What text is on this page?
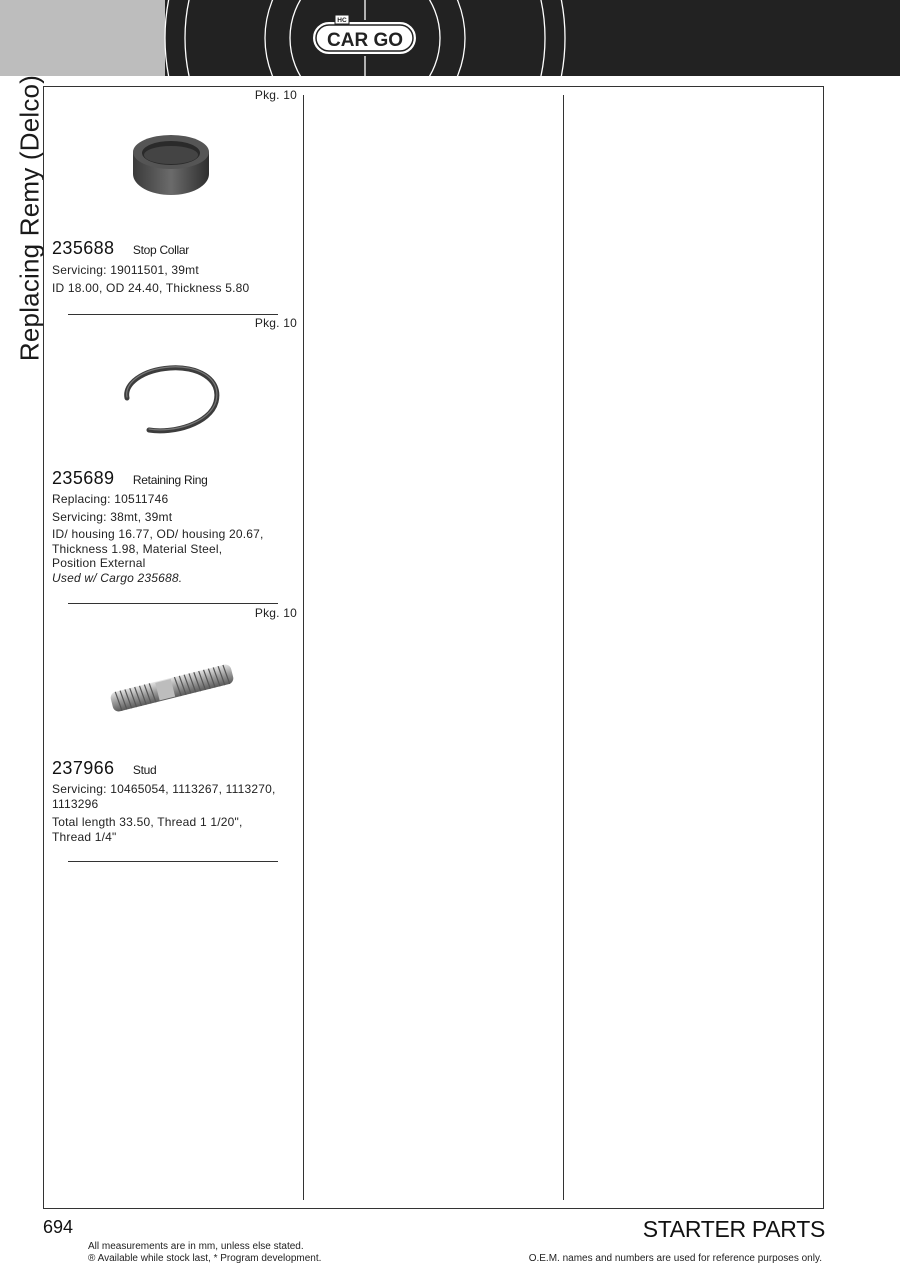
CAR GO
HC
Replacing Remy (Delco)	Pkg. 10
235688 Stop Collar
Servicing: 19011501, 39mt
ID 18.00, OD 24.40, Thickness 5.80
Pkg. 10
235689 Retaining Ring
Replacing: 10511746
Servicing: 38mt, 39mt
ID/ housing 16.77, OD/ housing 20.67,
Thickness 1.98, Material Steel,
Position External
Used w/ Cargo 235688.
Pkg. 10
237966 Stud
Servicing: 10465054, 1113267, 1113270,
1113296
Total length 33.50, Thread 1 1/20",
Thread 1/4"
694	STARTER PARTS
All measurements are in mm, unless else stated.
® Available while stock last, * Program development.	O.E.M. names and numbers are used for reference purposes only.
